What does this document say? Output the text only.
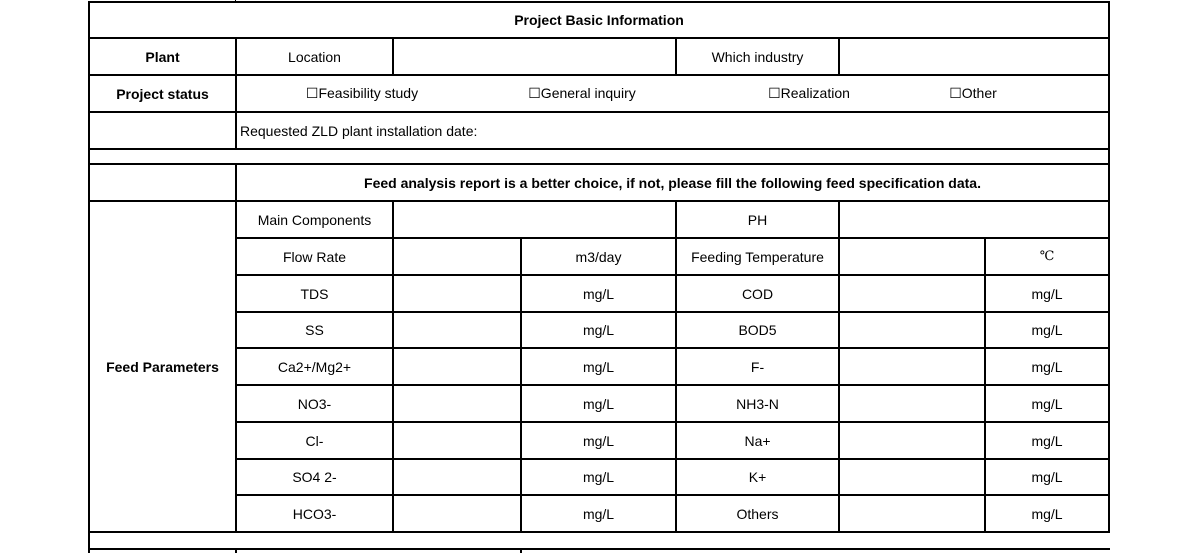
Project Basic Information
Plant	Location	Which industry
Project status	☐Feasibility study	☐General inquiry	☐Realization	☐Other
Requested ZLD plant installation date:
Feed analysis report is a better choice, if not, please fill the following feed specification data.
Feed Parameters
Main Components	PH
Flow Rate	m3/day	Feeding Temperature	℃
TDS	mg/L	COD	mg/L
SS	mg/L	BOD5	mg/L
Ca2+/Mg2+	mg/L	F-	mg/L
NO3-	mg/L	NH3-N	mg/L
Cl-	mg/L	Na+	mg/L
SO4 2-	mg/L	K+	mg/L
HCO3-	mg/L	Others	mg/L
